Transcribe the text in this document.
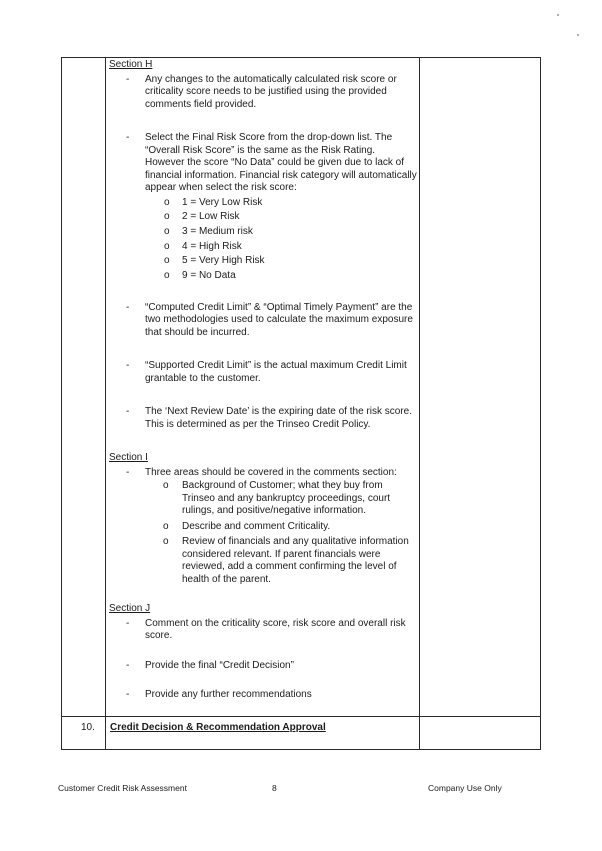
Section H
- Any changes to the automatically calculated risk score or criticality score needs to be justified using the provided comments field provided.
- Select the Final Risk Score from the drop-down list. The “Overall Risk Score” is the same as the Risk Rating. However the score “No Data” could be given due to lack of financial information. Financial risk category will automatically appear when select the risk score:
o 1 = Very Low Risk
o 2 = Low Risk
o 3 = Medium risk
o 4 = High Risk
o 5 = Very High Risk
o 9 = No Data
- “Computed Credit Limit” & “Optimal Timely Payment” are the two methodologies used to calculate the maximum exposure that should be incurred.
- “Supported Credit Limit” is the actual maximum Credit Limit grantable to the customer.
- The ‘Next Review Date’ is the expiring date of the risk score. This is determined as per the Trinseo Credit Policy.
Section I
- Three areas should be covered in the comments section:
o Background of Customer; what they buy from Trinseo and any bankruptcy proceedings, court rulings, and positive/negative information.
o Describe and comment Criticality.
o Review of financials and any qualitative information considered relevant. If parent financials were reviewed, add a comment confirming the level of health of the parent.
Section J
- Comment on the criticality score, risk score and overall risk score.
- Provide the final “Credit Decision”
- Provide any further recommendations
10. Credit Decision & Recommendation Approval
Customer Credit Risk Assessment	8	Company Use Only
